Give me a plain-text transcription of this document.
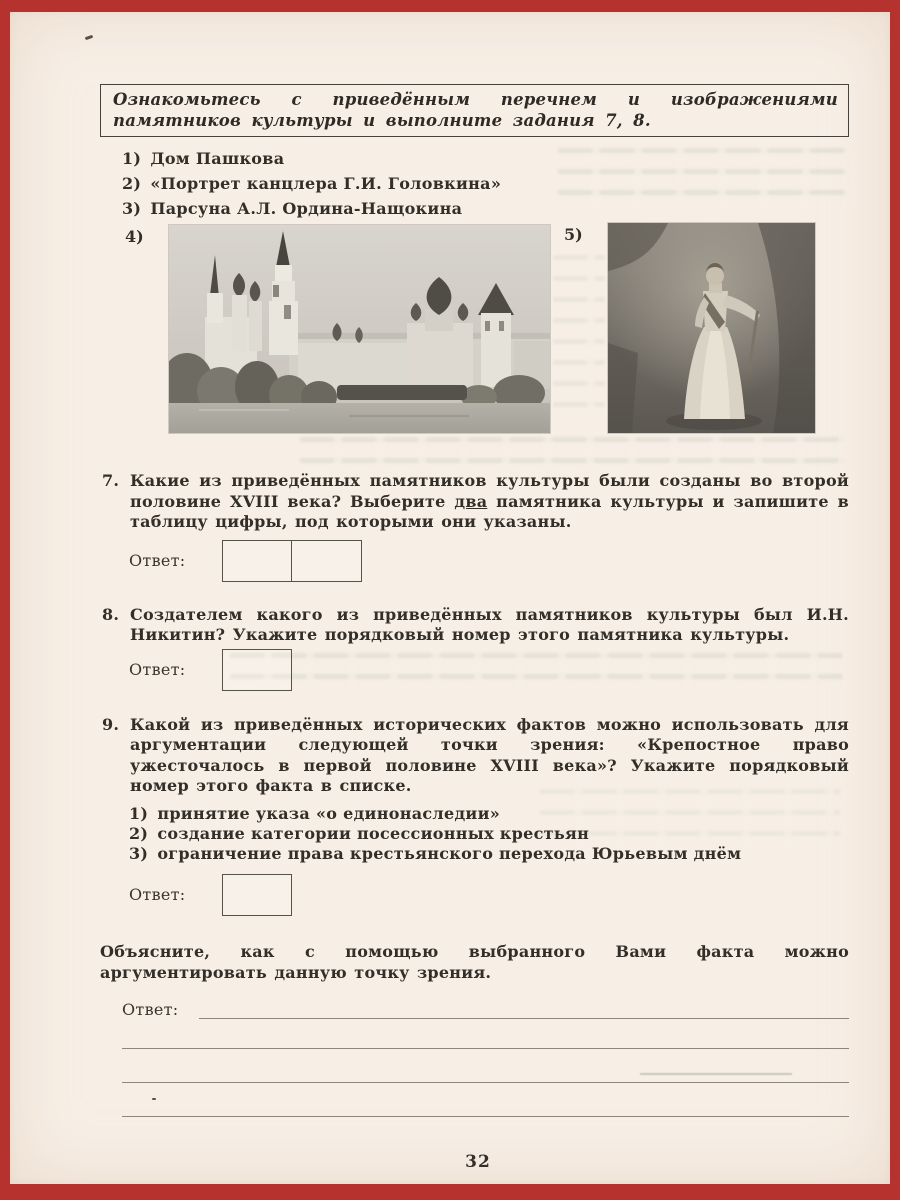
Ознакомьтесь с приведённым перечнем и изображениями памятников культуры и выполните задания 7, 8.
1) Дом Пашкова
2) «Портрет канцлера Г.И. Головкина»
3) Парсуна А.Л. Ордина-Нащокина
4)	5)
7. Какие из приведённых памятников культуры были созданы во второй половине XVIII века? Выберите два памятника культуры и запишите в таблицу цифры, под которыми они указаны.
Ответ:
8. Создателем какого из приведённых памятников культуры был И.Н. Никитин? Укажите порядковый номер этого памятника культуры.
Ответ:
9. Какой из приведённых исторических фактов можно использовать для аргументации следующей точки зрения: «Крепостное право ужесточалось в первой половине XVIII века»? Укажите порядковый номер этого факта в списке.
1) принятие указа «о единонаследии»
2) создание категории посессионных крестьян
3) ограничение права крестьянского перехода Юрьевым днём
Ответ:
Объясните, как с помощью выбранного Вами факта можно аргументировать данную точку зрения.
Ответ:
32
